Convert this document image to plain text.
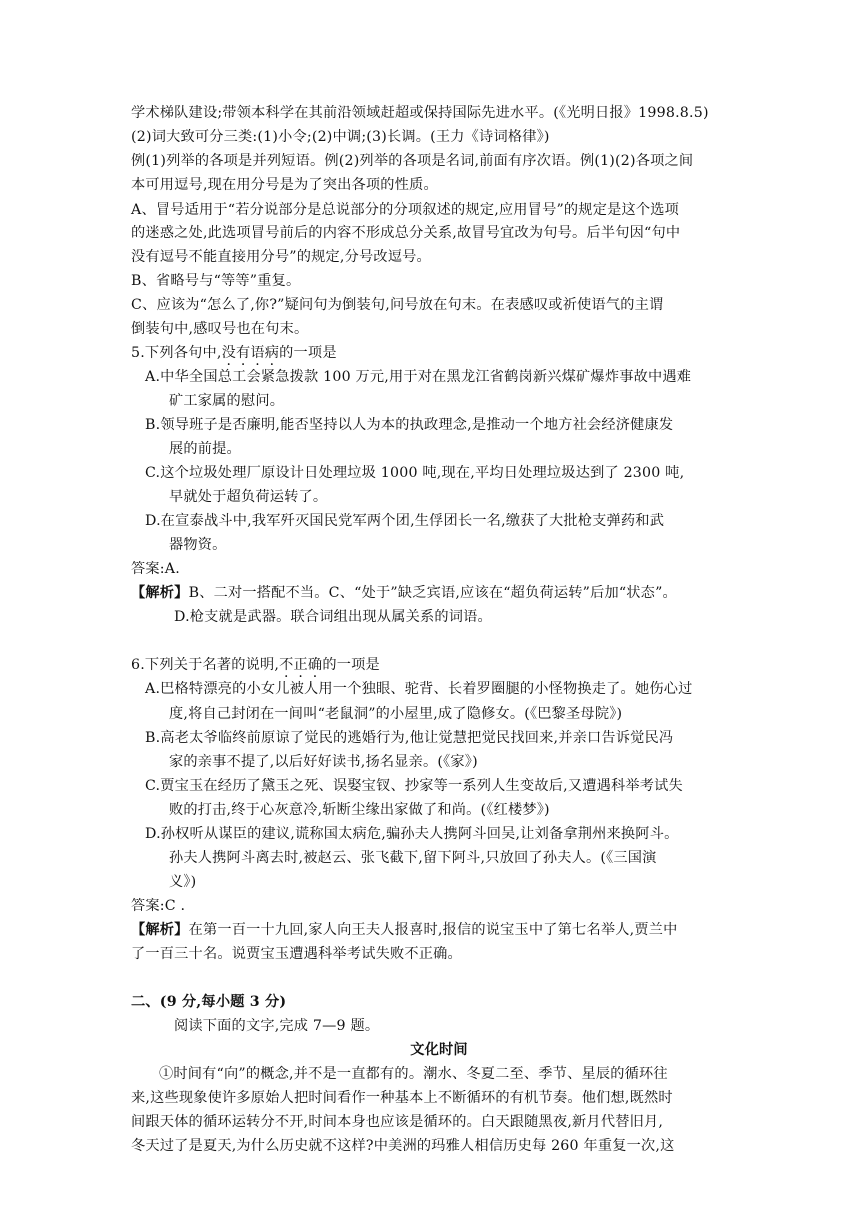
学术梯队建设;带领本科学在其前沿领域赶超或保持国际先进水平。(《光明日报》1998.8.5)
(2)词大致可分三类:(1)小令;(2)中调;(3)长调。(王力《诗词格律》)
例(1)列举的各项是并列短语。例(2)列举的各项是名词,前面有序次语。例(1)(2)各项之间
本可用逗号,现在用分号是为了突出各项的性质。
A、冒号适用于“若分说部分是总说部分的分项叙述的规定,应用冒号”的规定是这个选项
的迷惑之处,此选项冒号前后的内容不形成总分关系,故冒号宜改为句号。后半句因“句中
没有逗号不能直接用分号”的规定,分号改逗号。
B、省略号与“等等”重复。
C、应该为“怎么了,你?”疑问句为倒装句,问号放在句末。在表感叹或祈使语气的主谓
倒装句中,感叹号也在句末。
5.下列各句中,没有语病的一项是
A.中华全国总工会紧急拨款 100 万元,用于对在黑龙江省鹤岗新兴煤矿爆炸事故中遇难
矿工家属的慰问。
B.领导班子是否廉明,能否坚持以人为本的执政理念,是推动一个地方社会经济健康发
展的前提。
C.这个垃圾处理厂原设计日处理垃圾 1000 吨,现在,平均日处理垃圾达到了 2300 吨,
早就处于超负荷运转了。
D.在宣泰战斗中,我军歼灭国民党军两个团,生俘团长一名,缴获了大批枪支弹药和武
器物资。
答案:A.
【解析】B、二对一搭配不当。C、“处于”缺乏宾语,应该在“超负荷运转”后加“状态”。
D.枪支就是武器。联合词组出现从属关系的词语。
6.下列关于名著的说明,不正确的一项是
A.巴格特漂亮的小女儿被人用一个独眼、驼背、长着罗圈腿的小怪物换走了。她伤心过
度,将自己封闭在一间叫“老鼠洞”的小屋里,成了隐修女。(《巴黎圣母院》)
B.高老太爷临终前原谅了觉民的逃婚行为,他让觉慧把觉民找回来,并亲口告诉觉民冯
家的亲事不提了,以后好好读书,扬名显亲。(《家》)
C.贾宝玉在经历了黛玉之死、误娶宝钗、抄家等一系列人生变故后,又遭遇科举考试失
败的打击,终于心灰意冷,斩断尘缘出家做了和尚。(《红楼梦》)
D.孙权听从谋臣的建议,谎称国太病危,骗孙夫人携阿斗回吴,让刘备拿荆州来换阿斗。
孙夫人携阿斗离去时,被赵云、张飞截下,留下阿斗,只放回了孙夫人。(《三国演
义》)
答案:C .
【解析】在第一百一十九回,家人向王夫人报喜时,报信的说宝玉中了第七名举人,贾兰中
了一百三十名。说贾宝玉遭遇科举考试失败不正确。
二、(9 分,每小题 3 分)
阅读下面的文字,完成 7—9 题。
文化时间
①时间有“向”的概念,并不是一直都有的。潮水、冬夏二至、季节、星辰的循环往
来,这些现象使许多原始人把时间看作一种基本上不断循环的有机节奏。他们想,既然时
间跟天体的循环运转分不开,时间本身也应该是循环的。白天跟随黑夜,新月代替旧月,
冬天过了是夏天,为什么历史就不这样?中美洲的玛雅人相信历史每 260 年重复一次,这
